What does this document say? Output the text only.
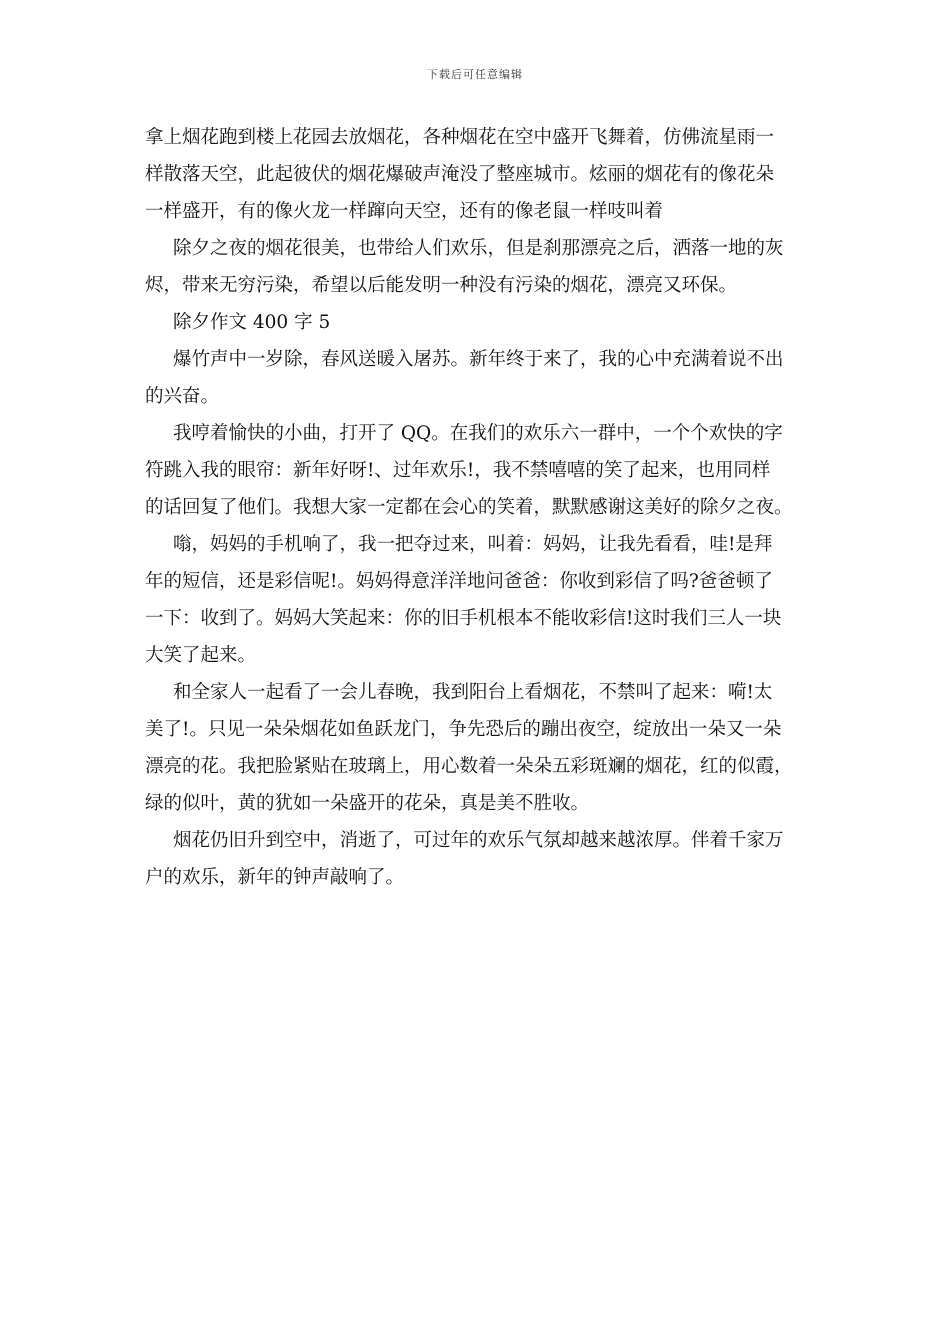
下载后可任意编辑

拿上烟花跑到楼上花园去放烟花，各种烟花在空中盛开飞舞着，仿佛流星雨一
样散落天空，此起彼伏的烟花爆破声淹没了整座城市。炫丽的烟花有的像花朵
一样盛开，有的像火龙一样蹿向天空，还有的像老鼠一样吱叫着

除夕之夜的烟花很美，也带给人们欢乐，但是刹那漂亮之后，洒落一地的灰
烬，带来无穷污染，希望以后能发明一种没有污染的烟花，漂亮又环保。

除夕作文 400 字 5

爆竹声中一岁除，春风送暖入屠苏。新年终于来了，我的心中充满着说不出
的兴奋。

我哼着愉快的小曲，打开了 QQ。在我们的欢乐六一群中，一个个欢快的字
符跳入我的眼帘：新年好呀!、过年欢乐!，我不禁嘻嘻的笑了起来，也用同样
的话回复了他们。我想大家一定都在会心的笑着，默默感谢这美好的除夕之夜。

嗡，妈妈的手机响了，我一把夺过来，叫着：妈妈，让我先看看，哇!是拜
年的短信，还是彩信呢!。妈妈得意洋洋地问爸爸：你收到彩信了吗?爸爸顿了
一下：收到了。妈妈大笑起来：你的旧手机根本不能收彩信!这时我们三人一块
大笑了起来。

和全家人一起看了一会儿春晚，我到阳台上看烟花，不禁叫了起来：嗬!太
美了!。只见一朵朵烟花如鱼跃龙门，争先恐后的蹦出夜空，绽放出一朵又一朵
漂亮的花。我把脸紧贴在玻璃上，用心数着一朵朵五彩斑斓的烟花，红的似霞，
绿的似叶，黄的犹如一朵盛开的花朵，真是美不胜收。

烟花仍旧升到空中，消逝了，可过年的欢乐气氛却越来越浓厚。伴着千家万
户的欢乐，新年的钟声敲响了。
